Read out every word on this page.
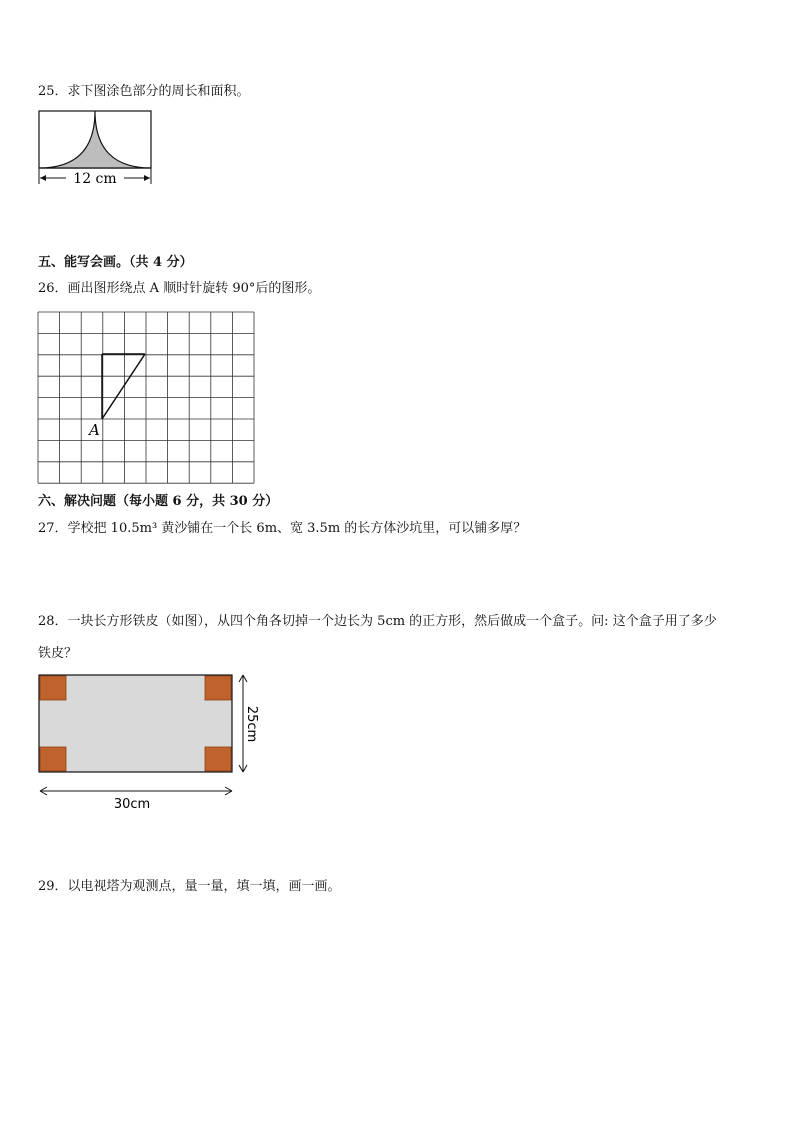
25．求下图涂色部分的周长和面积。
12 cm
五、能写会画。（共 4 分）
26．画出图形绕点 A 顺时针旋转 90°后的图形。
A
六、解决问题（每小题 6 分，共 30 分）
27．学校把 10.5m³ 黄沙铺在一个长 6m、宽 3.5m 的长方体沙坑里，可以铺多厚？
28．一块长方形铁皮（如图），从四个角各切掉一个边长为 5cm 的正方形，然后做成一个盒子。问: 这个盒子用了多少
铁皮？
30cm
25cm
29．以电视塔为观测点，量一量，填一填，画一画。
